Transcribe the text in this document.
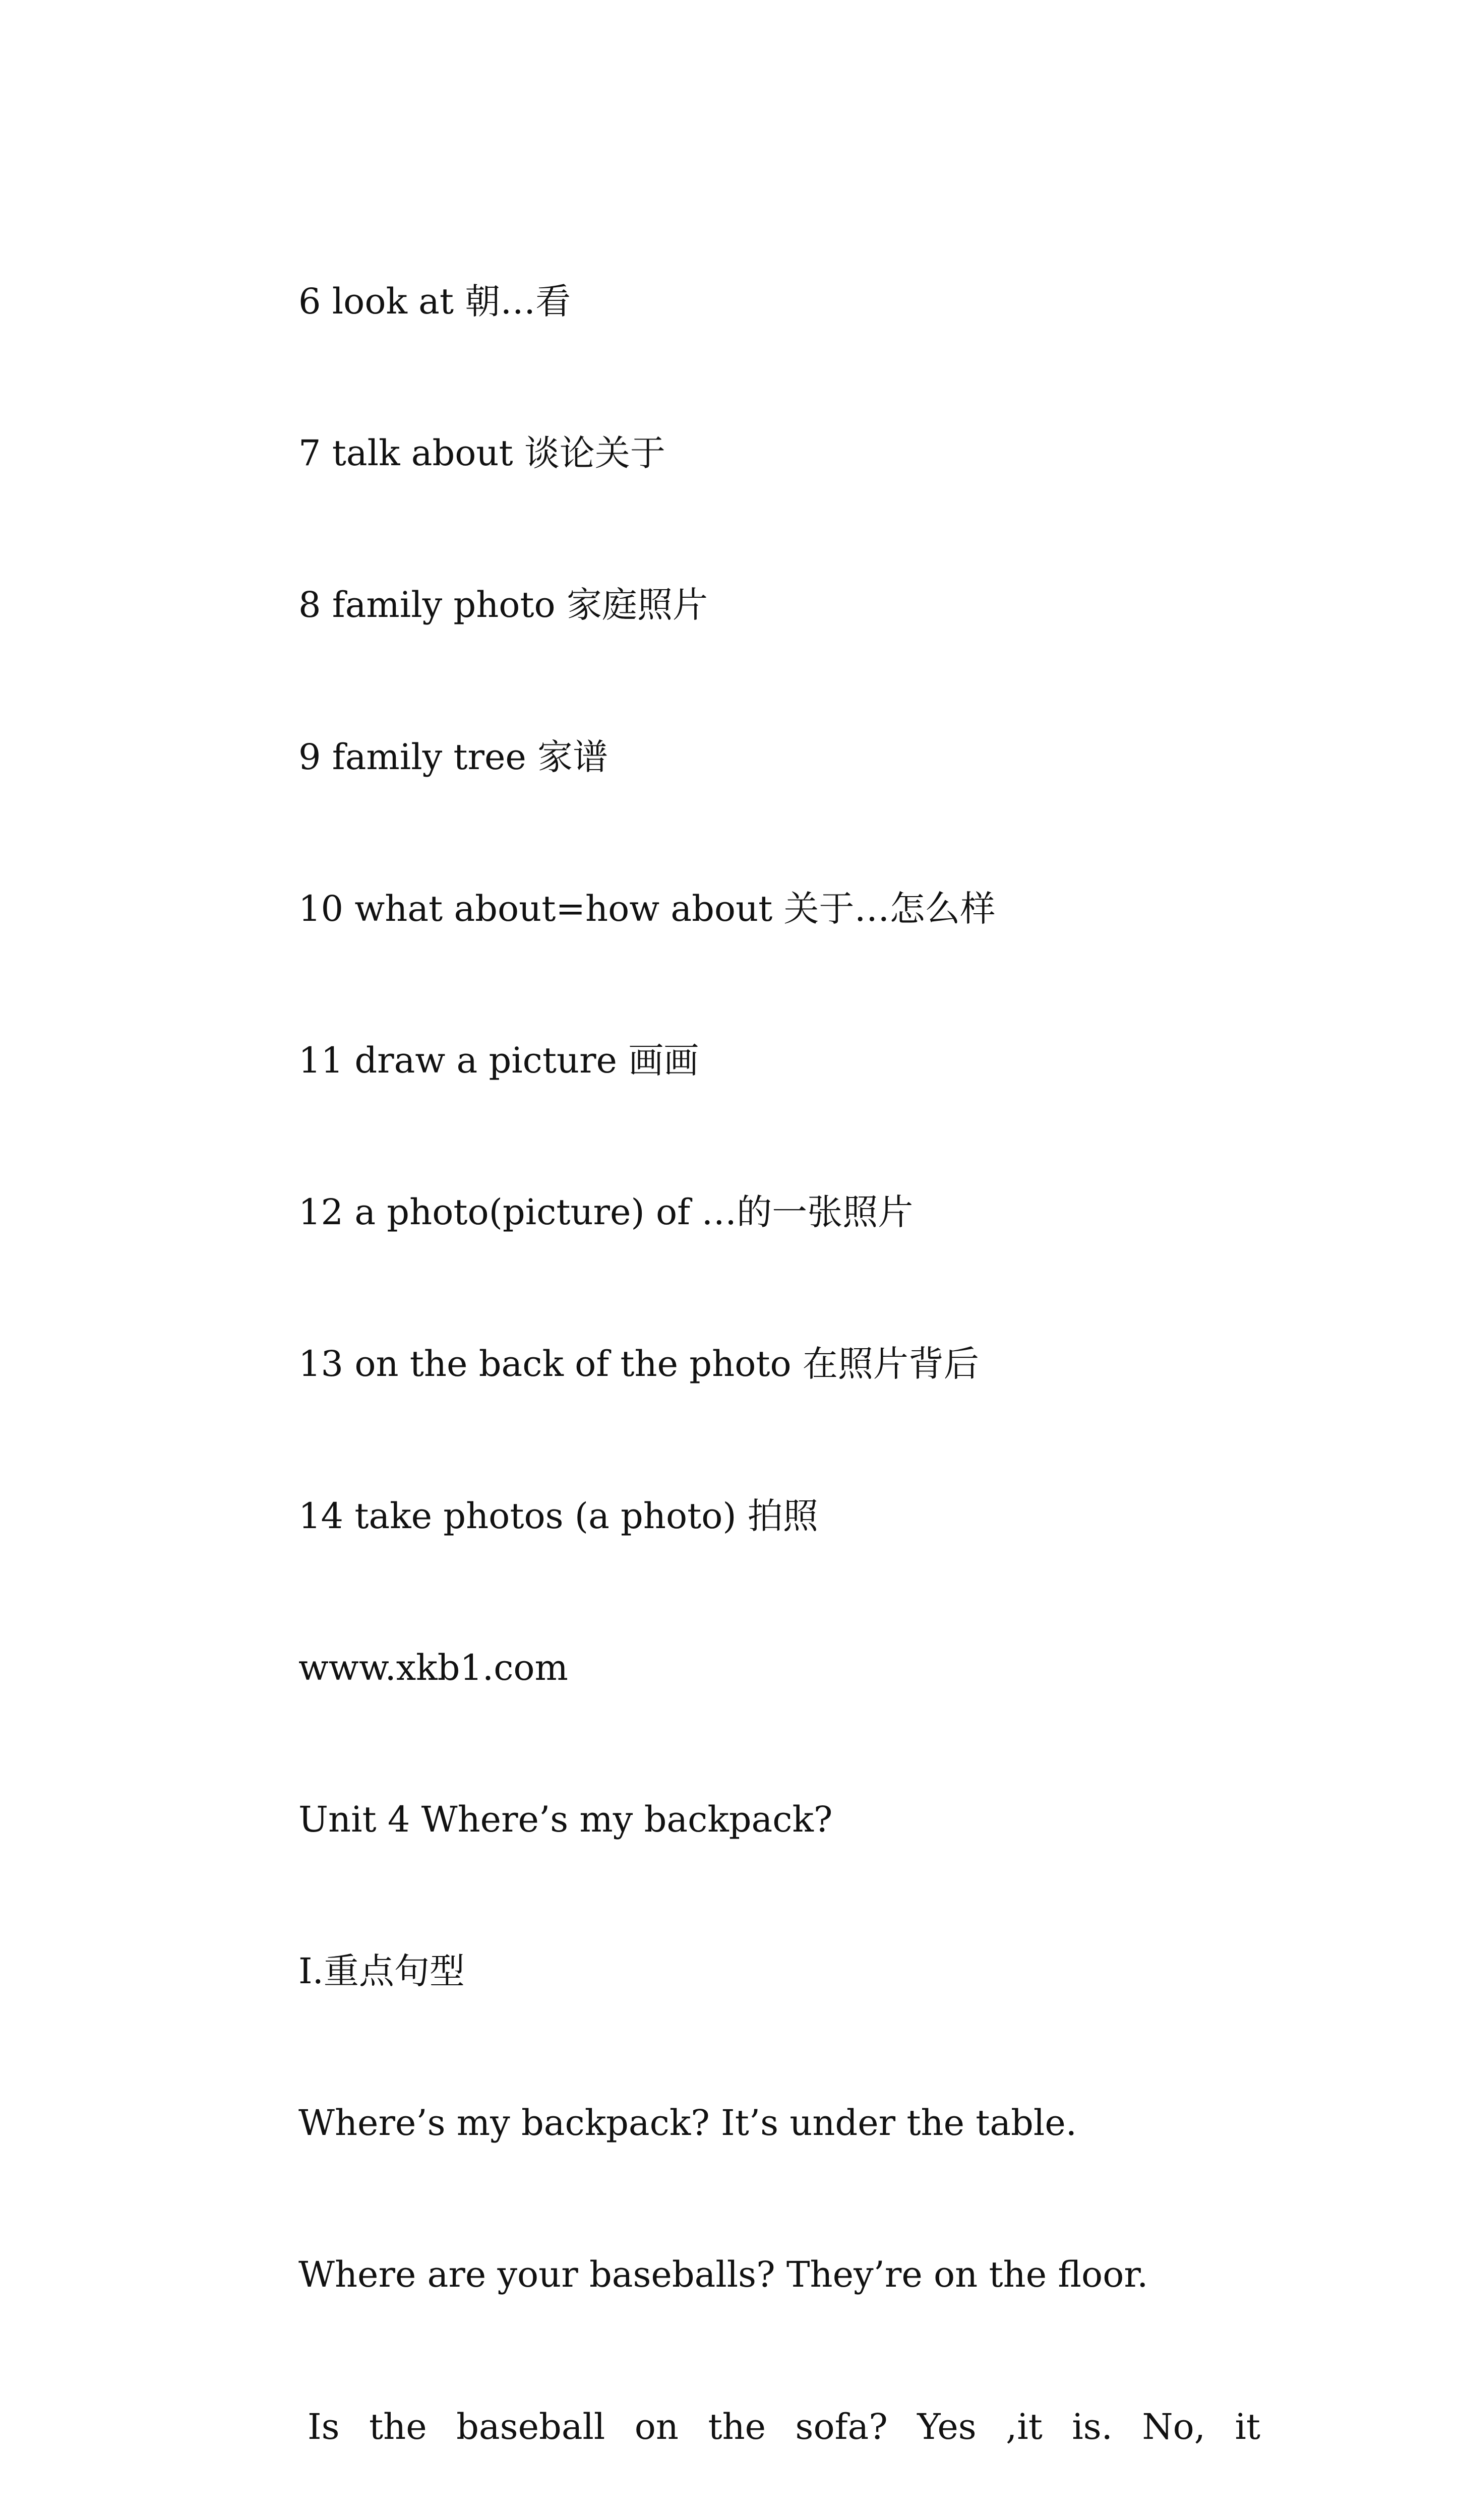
6 look at 朝…看

7 talk about 谈论关于

8 family photo 家庭照片

9 family tree 家谱

10 what about=how about 关于…怎么样

11 draw a picture 画画

12 a photo(picture) of …的一张照片

13 on the back of the photo 在照片背后

14 take photos (a photo) 拍照

www.xkb1.com

Unit 4 Where’s my backpack?

I.重点句型

Where’s my backpack? It’s under the table.

Where are your baseballs? They’re on the floor.

Is the baseball on the sofa? Yes ,it is. No, it
